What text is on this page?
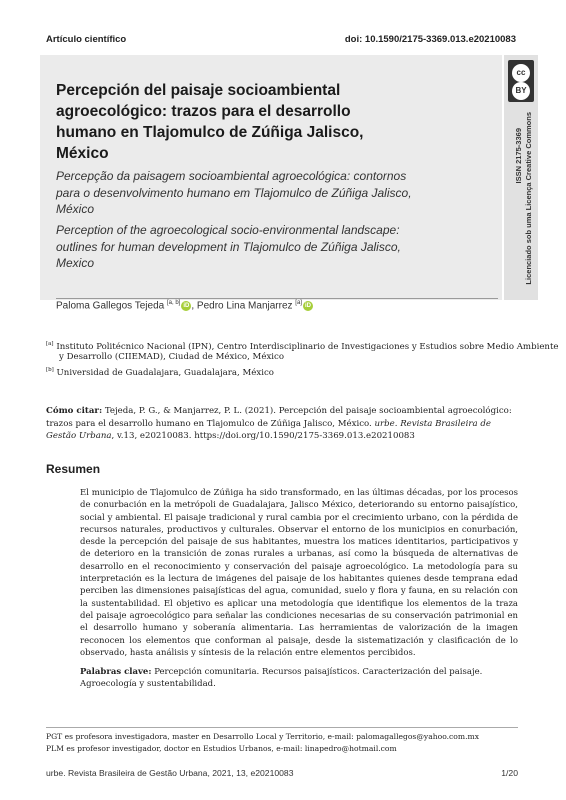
Artículo científico	doi: 10.1590/2175-3369.013.e20210083
cc
BY
ISSN 2175-3369 Licenciado sob uma Licença Creative Commons
Percepción del paisaje socioambiental agroecológico: trazos para el desarrollo humano en Tlajomulco de Zúñiga Jalisco, México
Percepção da paisagem socioambiental agroecológica: contornos para o desenvolvimento humano em Tlajomulco de Zúñiga Jalisco, México
Perception of the agroecological socio-environmental landscape: outlines for human development in Tlajomulco de Zúñiga Jalisco, Mexico
Paloma Gallegos Tejeda [a, b] iD , Pedro Lina Manjarrez [a] iD
[a] Instituto Politécnico Nacional (IPN), Centro Interdisciplinario de Investigaciones y Estudios sobre Medio Ambiente
y Desarrollo (CIIEMAD), Ciudad de México, México
[b] Universidad de Guadalajara, Guadalajara, México
Cómo citar: Tejeda, P. G., & Manjarrez, P. L. (2021). Percepción del paisaje socioambiental agroecológico: trazos para el desarrollo humano en Tlajomulco de Zúñiga Jalisco, México. urbe. Revista Brasileira de Gestão Urbana, v.13, e20210083. https://doi.org/10.1590/2175-3369.013.e20210083
Resumen
El municipio de Tlajomulco de Zúñiga ha sido transformado, en las últimas décadas, por los procesos de conurbación en la metrópoli de Guadalajara, Jalisco México, deteriorando su entorno paisajístico, social y ambiental. El paisaje tradicional y rural cambia por el crecimiento urbano, con la pérdida de recursos naturales, productivos y culturales. Observar el entorno de los municipios en conurbación, desde la percepción del paisaje de sus habitantes, muestra los matices identitarios, participativos y de deterioro en la transición de zonas rurales a urbanas, así como la búsqueda de alternativas de desarrollo en el reconocimiento y conservación del paisaje agroecológico. La metodología para su interpretación es la lectura de imágenes del paisaje de los habitantes quienes desde temprana edad perciben las dimensiones paisajísticas del agua, comunidad, suelo y flora y fauna, en su relación con la sustentabilidad. El objetivo es aplicar una metodología que identifique los elementos de la traza del paisaje agroecológico para señalar las condiciones necesarias de su conservación patrimonial en el desarrollo humano y soberanía alimentaria. Las herramientas de valorización de la imagen reconocen los elementos que conforman al paisaje, desde la sistematización y clasificación de lo observado, hasta análisis y síntesis de la relación entre elementos percibidos.
Palabras clave: Percepción comunitaria. Recursos paisajísticos. Caracterización del paisaje. Agroecología y sustentabilidad.
PGT es profesora investigadora, master en Desarrollo Local y Territorio, e-mail: palomagallegos@yahoo.com.mx
PLM es profesor investigador, doctor en Estudios Urbanos, e-mail: linapedro@hotmail.com
urbe. Revista Brasileira de Gestão Urbana, 2021, 13, e20210083	1/20
